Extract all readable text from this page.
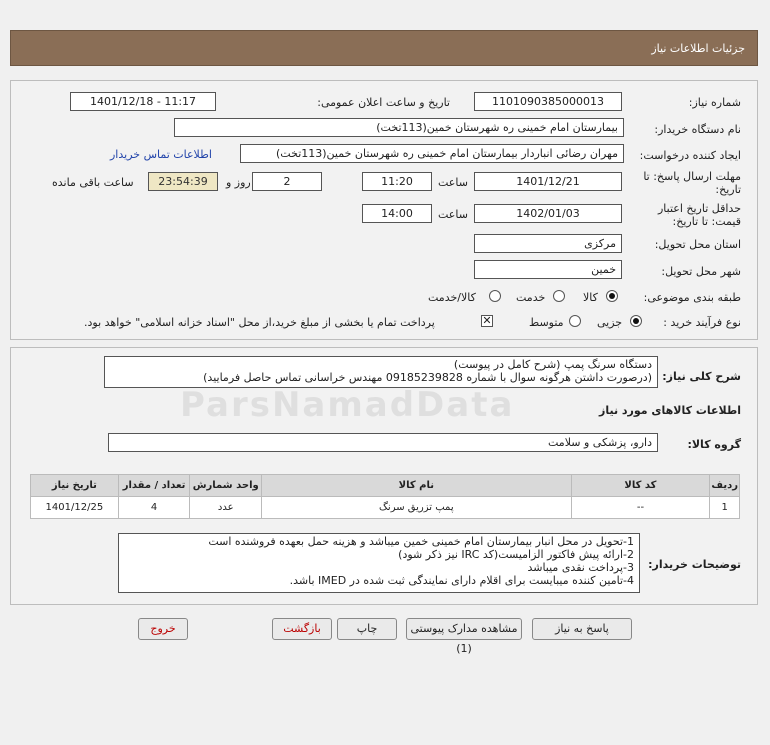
جزئیات اطلاعات نیاز
شماره نیاز:
1101090385000013
تاریخ و ساعت اعلان عمومی:
1401/12/18 - 11:17
نام دستگاه خریدار:
بیمارستان امام خمینی ره شهرستان خمین(113تخت)
ایجاد کننده درخواست:
مهران رضائی انباردار بیمارستان امام خمینی ره شهرستان خمین(113تخت)
اطلاعات تماس خریدار
مهلت ارسال پاسخ: تا
تاریخ:
1401/12/21
ساعت
11:20
2
روز و
23:54:39
ساعت باقی مانده
حداقل تاریخ اعتبار
قیمت: تا تاریخ:
1402/01/03
ساعت
14:00
استان محل تحویل:
مرکزی
شهر محل تحویل:
خمین
طبقه بندی موضوعی:
کالا
خدمت
کالا/خدمت
نوع فرآیند خرید :
جزیی
متوسط
✕
پرداخت تمام یا بخشی از مبلغ خرید،از محل "اسناد خزانه اسلامی" خواهد بود.
شرح کلی نیاز:
دستگاه سرنگ پمپ (شرح کامل در پیوست)
(درصورت داشتن هرگونه سوال با شماره 09185239828 مهندس خراسانی تماس حاصل فرمایید)
ParsNamadData	اطلاعات کالاهای مورد نیاز
گروه کالا:
دارو، پزشکی و سلامت
تاریخ نیاز	تعداد / مقدار	واحد شمارش	نام کالا	کد کالا	ردیف
1401/12/25	4	عدد	پمپ تزریق سرنگ	--	1
توضیحات خریدار:
1-تحویل در محل انبار بیمارستان امام خمینی خمین میباشد و هزینه حمل بعهده فروشنده است
2-ارائه پیش فاکتور الزامیست(کد IRC نیز ذکر شود)
3-پرداخت نقدی میباشد
4-تامین کننده میبایست برای اقلام دارای نمایندگی ثبت شده در IMED باشد.
پاسخ به نیاز
مشاهده مدارک پیوستی (1)
چاپ
بازگشت
خروج
